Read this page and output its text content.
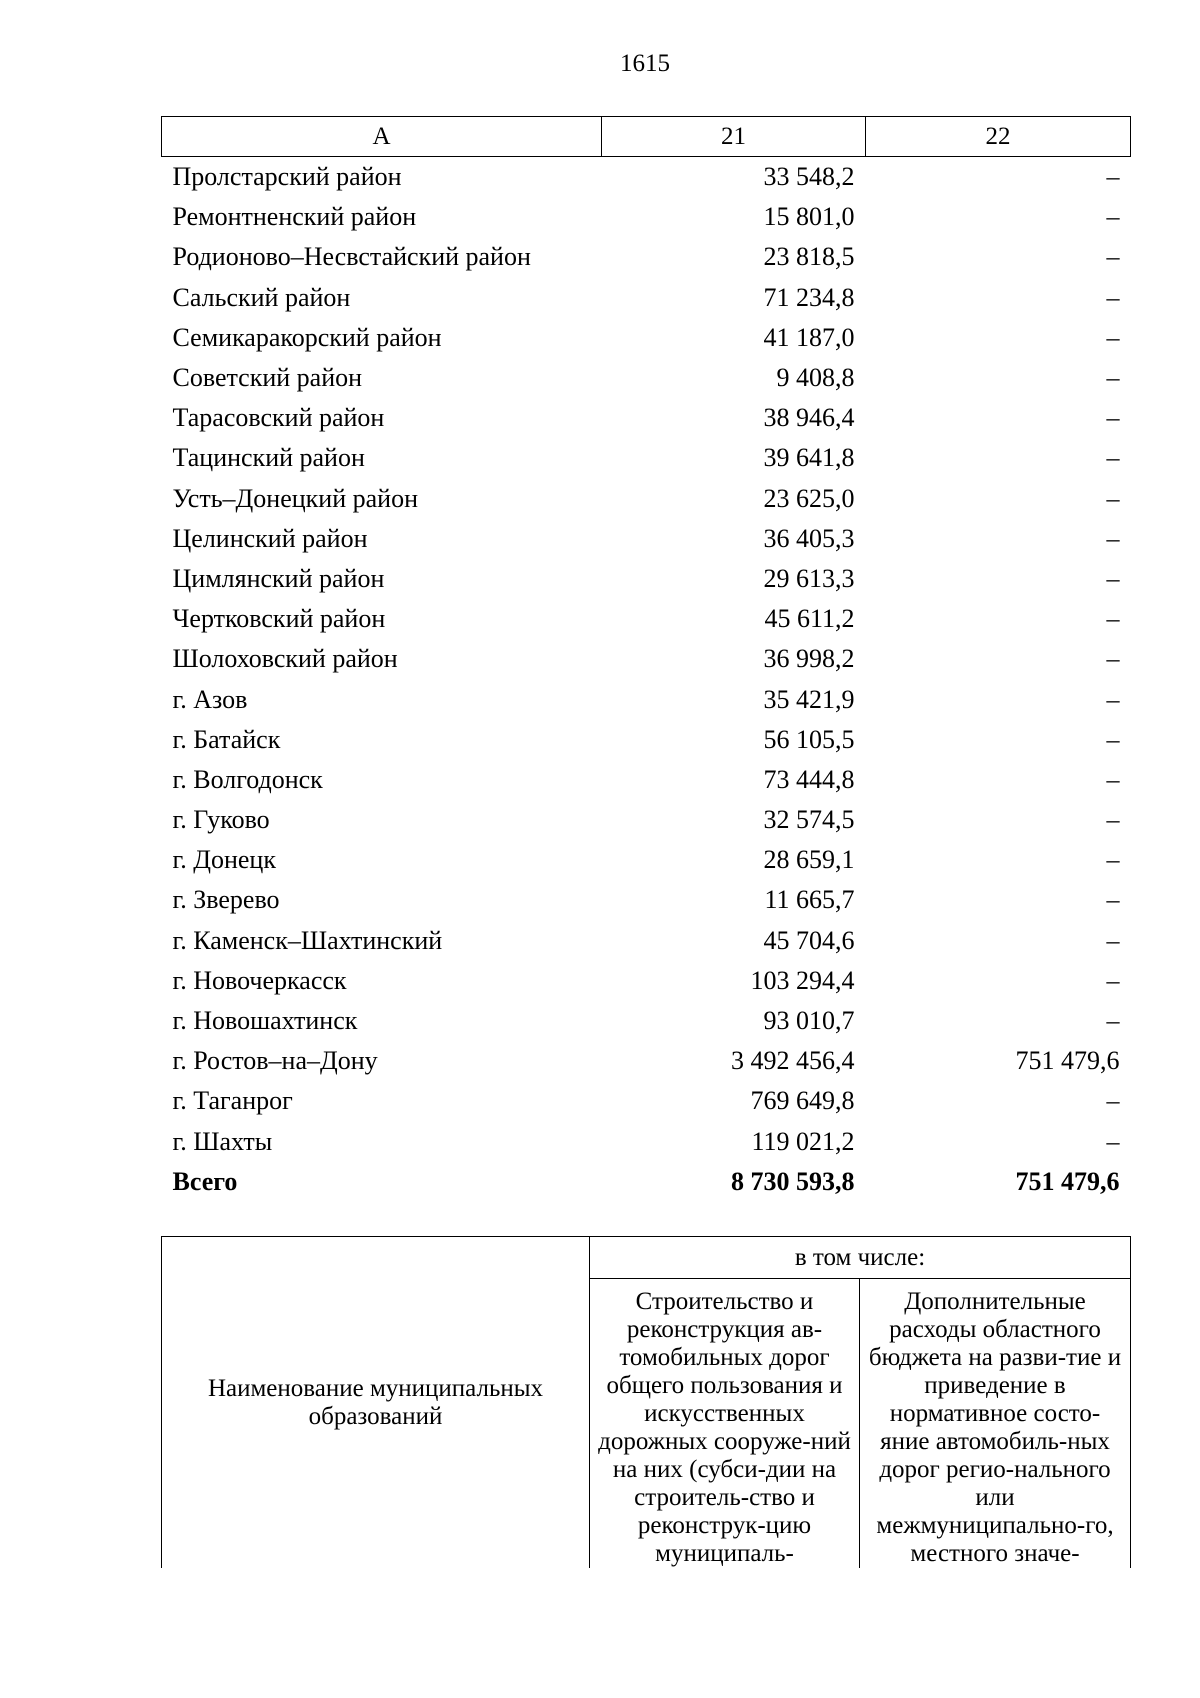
1615
А	21	22
Пролстарский район	33 548,2	–
Ремонтненский район	15 801,0	–
Родионово–Несвстайский район	23 818,5	–
Сальский район	71 234,8	–
Семикаракорский район	41 187,0	–
Советский район	9 408,8	–
Тарасовский район	38 946,4	–
Тацинский район	39 641,8	–
Усть–Донецкий район	23 625,0	–
Целинский район	36 405,3	–
Цимлянский район	29 613,3	–
Чертковский район	45 611,2	–
Шолоховский район	36 998,2	–
г. Азов	35 421,9	–
г. Батайск	56 105,5	–
г. Волгодонск	73 444,8	–
г. Гуково	32 574,5	–
г. Донецк	28 659,1	–
г. Зверево	11 665,7	–
г. Каменск–Шахтинский	45 704,6	–
г. Новочеркасск	103 294,4	–
г. Новошахтинск	93 010,7	–
г. Ростов–на–Дону	3 492 456,4	751 479,6
г. Таганрог	769 649,8	–
г. Шахты	119 021,2	–
Всего	8 730 593,8	751 479,6
Наименование муниципальных образований	в том числе:	
	Строительство и реконструкция ав-томобильных дорог общего пользования и искусственных дорожных сооруже-ний на них (субси-дии на строитель-ство и реконструк-цию муниципаль-	Дополнительные расходы областного бюджета на разви-тие и приведение в нормативное состо-яние автомобиль-ных дорог регио-нального или межмуниципально-го, местного значе-
